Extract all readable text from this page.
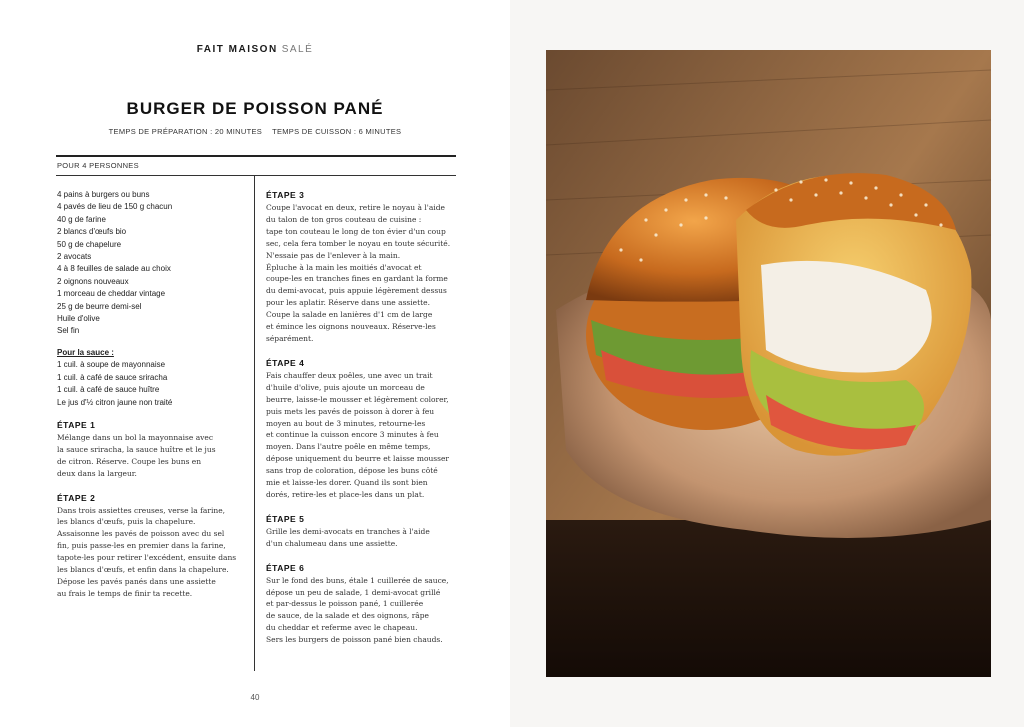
FAIT MAISON SALÉ
BURGER DE POISSON PANÉ
TEMPS DE PRÉPARATION : 20 MINUTES TEMPS DE CUISSON : 6 MINUTES
POUR 4 PERSONNES
4 pains à burgers ou buns
4 pavés de lieu de 150 g chacun
40 g de farine
2 blancs d'œufs bio
50 g de chapelure
2 avocats
4 à 8 feuilles de salade au choix
2 oignons nouveaux
1 morceau de cheddar vintage
25 g de beurre demi-sel
Huile d'olive
Sel fin
Pour la sauce :
1 cuil. à soupe de mayonnaise
1 cuil. à café de sauce sriracha
1 cuil. à café de sauce huître
Le jus d'½ citron jaune non traité
ÉTAPE 1
Mélange dans un bol la mayonnaise avec
la sauce sriracha, la sauce huître et le jus
de citron. Réserve. Coupe les buns en
deux dans la largeur.
ÉTAPE 2
Dans trois assiettes creuses, verse la farine,
les blancs d'œufs, puis la chapelure.
Assaisonne les pavés de poisson avec du sel
fin, puis passe-les en premier dans la farine,
tapote-les pour retirer l'excédent, ensuite dans
les blancs d'œufs, et enfin dans la chapelure.
Dépose les pavés panés dans une assiette
au frais le temps de finir ta recette.
ÉTAPE 3
Coupe l'avocat en deux, retire le noyau à l'aide
du talon de ton gros couteau de cuisine :
tape ton couteau le long de ton évier d'un coup
sec, cela fera tomber le noyau en toute sécurité.
N'essaie pas de l'enlever à la main.
Épluche à la main les moitiés d'avocat et
coupe-les en tranches fines en gardant la forme
du demi-avocat, puis appuie légèrement dessus
pour les aplatir. Réserve dans une assiette.
Coupe la salade en lanières d'1 cm de large
et émince les oignons nouveaux. Réserve-les
séparément.
ÉTAPE 4
Fais chauffer deux poêles, une avec un trait
d'huile d'olive, puis ajoute un morceau de
beurre, laisse-le mousser et légèrement colorer,
puis mets les pavés de poisson à dorer à feu
moyen au bout de 3 minutes, retourne-les
et continue la cuisson encore 3 minutes à feu
moyen. Dans l'autre poêle en même temps,
dépose uniquement du beurre et laisse mousser
sans trop de coloration, dépose les buns côté
mie et laisse-les dorer. Quand ils sont bien
dorés, retire-les et place-les dans un plat.
ÉTAPE 5
Grille les demi-avocats en tranches à l'aide
d'un chalumeau dans une assiette.
ÉTAPE 6
Sur le fond des buns, étale 1 cuillerée de sauce,
dépose un peu de salade, 1 demi-avocat grillé
et par-dessus le poisson pané, 1 cuillerée
de sauce, de la salade et des oignons, râpe
du cheddar et referme avec le chapeau.
Sers les burgers de poisson pané bien chauds.
40
